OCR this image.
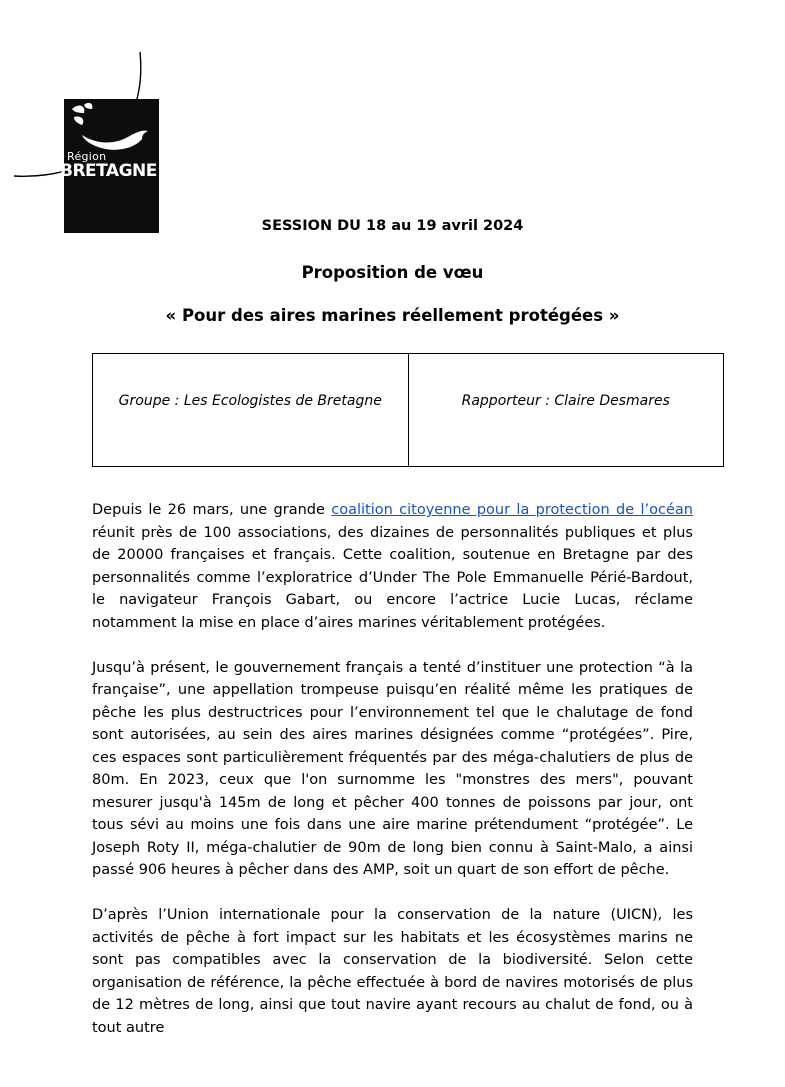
Région
BRETAGNE
SESSION DU 18 au 19 avril 2024
Proposition de vœu
« Pour des aires marines réellement protégées »
Groupe : Les Ecologistes de Bretagne	Rapporteur : Claire Desmares

Depuis le 26 mars, une grande coalition citoyenne pour la protection de l’océan réunit près de 100 associations, des dizaines de personnalités publiques et plus de 20000 françaises et français. Cette coalition, soutenue en Bretagne par des personnalités comme l’exploratrice d’Under The Pole Emmanuelle Périé-Bardout, le navigateur François Gabart, ou encore l’actrice Lucie Lucas, réclame notamment la mise en place d’aires marines véritablement protégées.

Jusqu’à présent, le gouvernement français a tenté d’instituer une protection “à la française”, une appellation trompeuse puisqu’en réalité même les pratiques de pêche les plus destructrices pour l’environnement tel que le chalutage de fond sont autorisées, au sein des aires marines désignées comme “protégées”. Pire, ces espaces sont particulièrement fréquentés par des méga-chalutiers de plus de 80m. En 2023, ceux que l'on surnomme les "monstres des mers", pouvant mesurer jusqu'à 145m de long et pêcher 400 tonnes de poissons par jour, ont tous sévi au moins une fois dans une aire marine prétendument “protégée”. Le Joseph Roty II, méga-chalutier de 90m de long bien connu à Saint-Malo, a ainsi passé 906 heures à pêcher dans des AMP, soit un quart de son effort de pêche.

D’après l’Union internationale pour la conservation de la nature (UICN), les activités de pêche à fort impact sur les habitats et les écosystèmes marins ne sont pas compatibles avec la conservation de la biodiversité. Selon cette organisation de référence, la pêche effectuée à bord de navires motorisés de plus de 12 mètres de long, ainsi que tout navire ayant recours au chalut de fond, ou à tout autre
